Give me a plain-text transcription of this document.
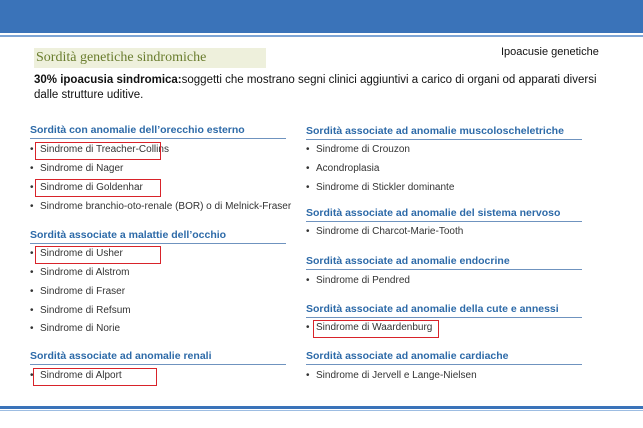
Sordità genetiche sindromiche	Ipoacusie genetiche
30% ipoacusia sindromica:soggetti che mostrano segni clinici aggiuntivi a carico di organi od apparati diversi dalle strutture uditive.
Sordità con anomalie dell’orecchio esterno
• Sindrome di Treacher-Collins
• Sindrome di Nager
• Sindrome di Goldenhar
• Sindrome branchio-oto-renale (BOR) o di Melnick-Fraser
Sordità associate a malattie dell’occhio
• Sindrome di Usher
• Sindrome di Alstrom
• Sindrome di Fraser
• Sindrome di Refsum
• Sindrome di Norie
Sordità associate ad anomalie renali
• Sindrome di Alport
Sordità associate ad anomalie muscoloscheletriche
• Sindrome di Crouzon
• Acondroplasia
• Sindrome di Stickler dominante
Sordità associate ad anomalie del sistema nervoso
• Sindrome di Charcot-Marie-Tooth
Sordità associate ad anomalie endocrine
• Sindrome di Pendred
Sordità associate ad anomalie della cute e annessi
• Sindrome di Waardenburg
Sordità associate ad anomalie cardiache
• Sindrome di Jervell e Lange-Nielsen
